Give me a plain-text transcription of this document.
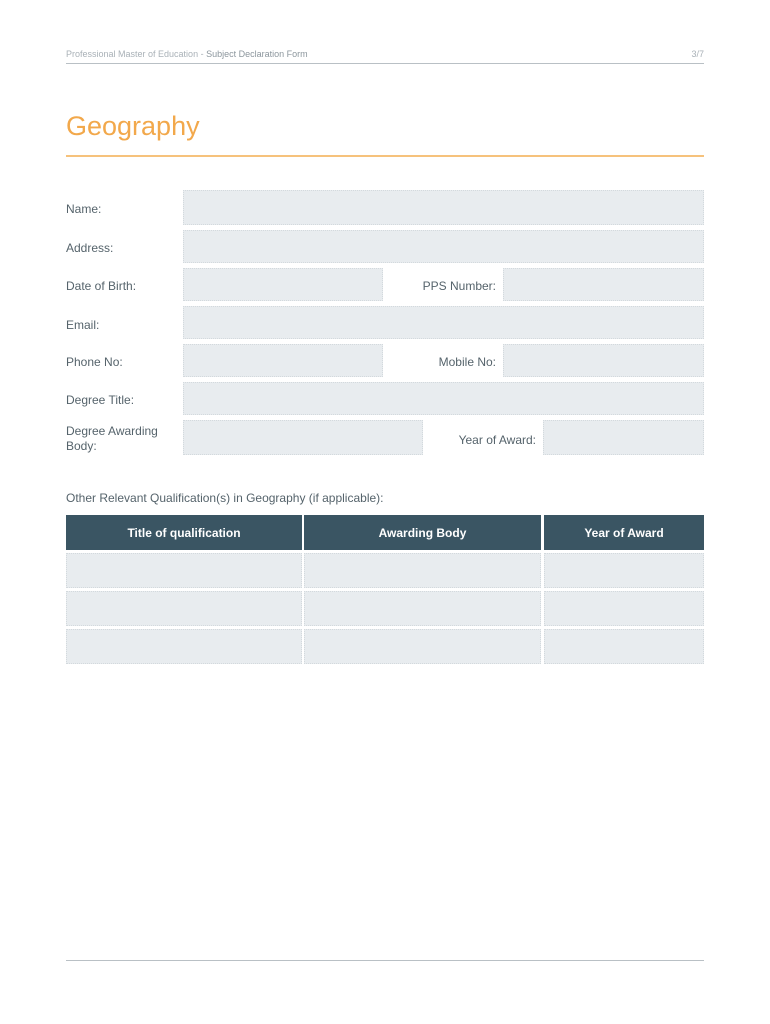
Professional Master of Education - Subject Declaration Form	3/7
Geography
Name:
Address:
Date of Birth:	PPS Number:
Email:
Phone No:	Mobile No:
Degree Title:
Degree Awarding
Body:	Year of Award:
Other Relevant Qualification(s) in Geography (if applicable):
Title of qualification	Awarding Body	Year of Award
